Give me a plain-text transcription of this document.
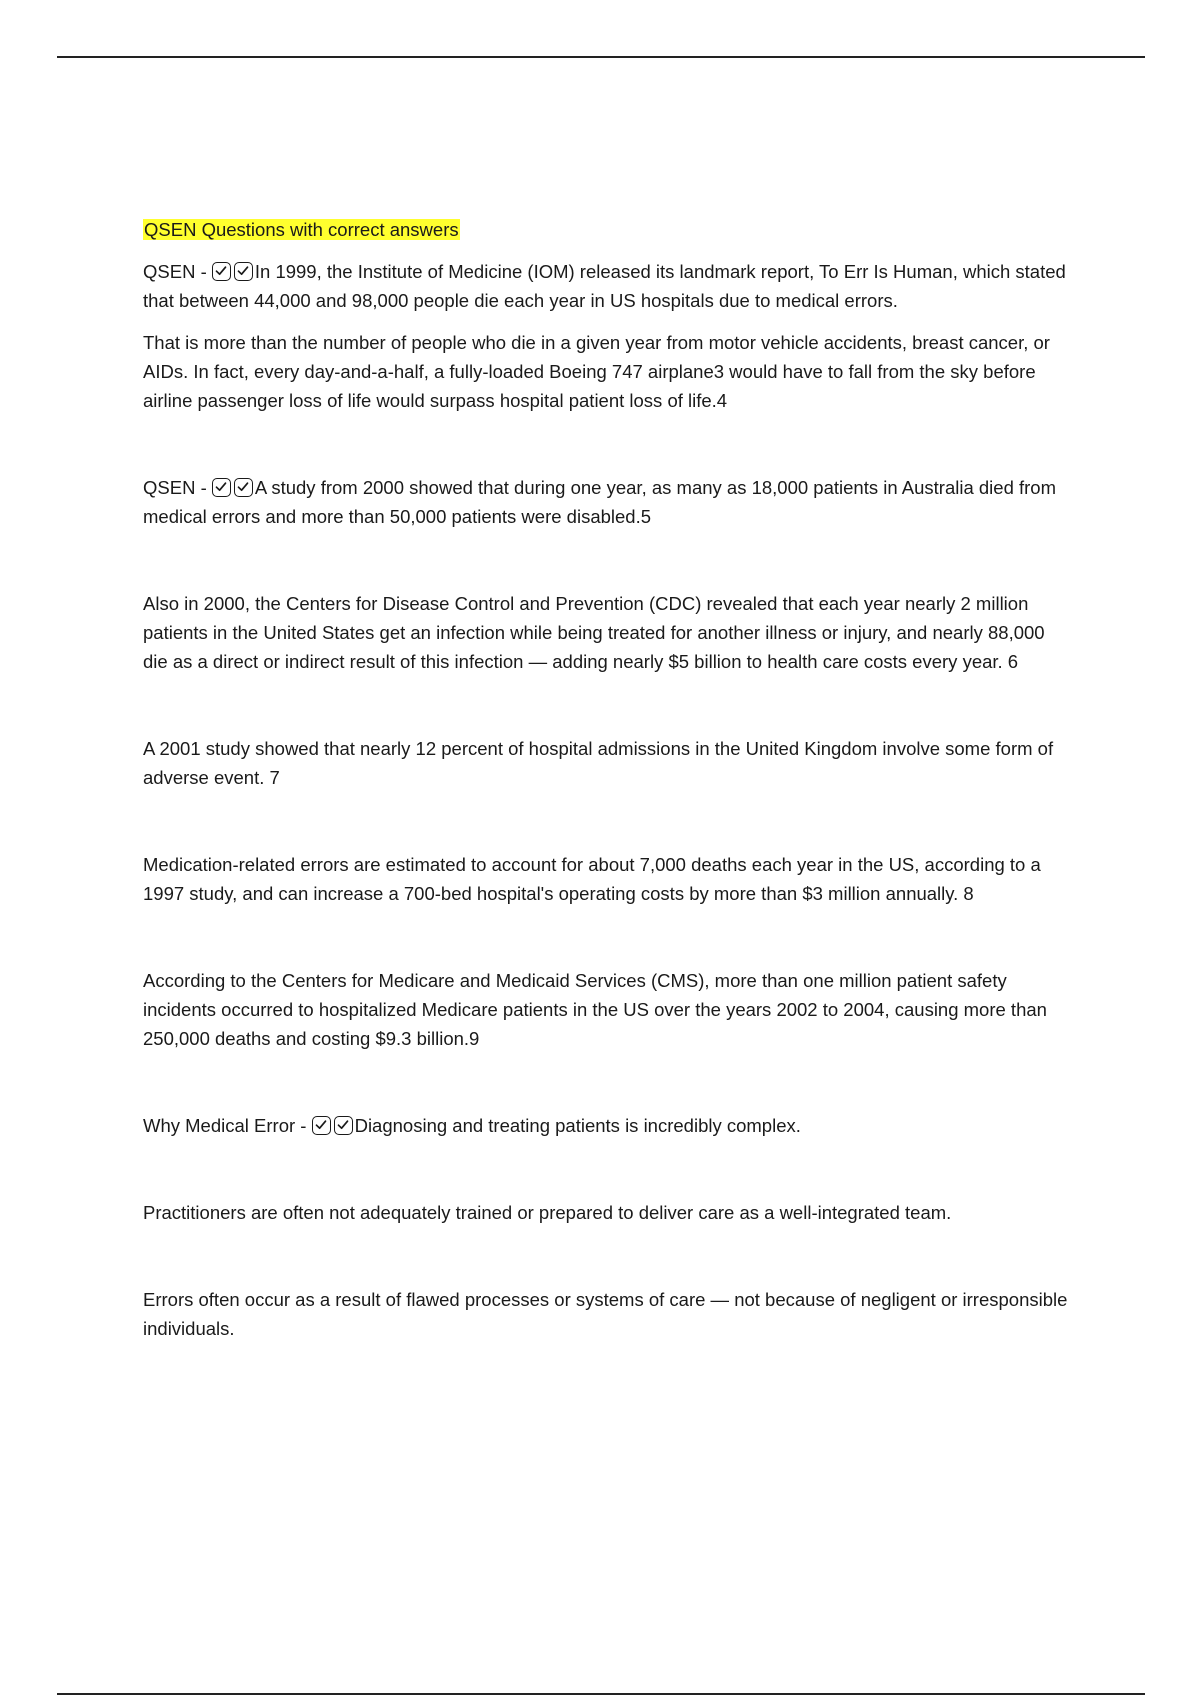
QSEN Questions with correct answers

QSEN -
In 1999, the Institute of Medicine (IOM) released its landmark report, To Err Is Human, which stated that between 44,000 and 98,000 people die each year in US hospitals due to medical errors.

That is more than the number of people who die in a given year from motor vehicle accidents, breast cancer, or AIDs. In fact, every day-and-a-half, a fully-loaded Boeing 747 airplane3 would have to fall from the sky before airline passenger loss of life would surpass hospital patient loss of life.4

QSEN -
A study from 2000 showed that during one year, as many as 18,000 patients in Australia died from medical errors and more than 50,000 patients were disabled.5

Also in 2000, the Centers for Disease Control and Prevention (CDC) revealed that each year nearly 2 million patients in the United States get an infection while being treated for another illness or injury, and nearly 88,000 die as a direct or indirect result of this infection — adding nearly $5 billion to health care costs every year. 6

A 2001 study showed that nearly 12 percent of hospital admissions in the United Kingdom involve some form of adverse event. 7

Medication-related errors are estimated to account for about 7,000 deaths each year in the US, according to a 1997 study, and can increase a 700-bed hospital's operating costs by more than $3 million annually. 8

According to the Centers for Medicare and Medicaid Services (CMS), more than one million patient safety incidents occurred to hospitalized Medicare patients in the US over the years 2002 to 2004, causing more than 250,000 deaths and costing $9.3 billion.9

Why Medical Error -
Diagnosing and treating patients is incredibly complex.

Practitioners are often not adequately trained or prepared to deliver care as a well-integrated team.

Errors often occur as a result of flawed processes or systems of care — not because of negligent or irresponsible individuals.
